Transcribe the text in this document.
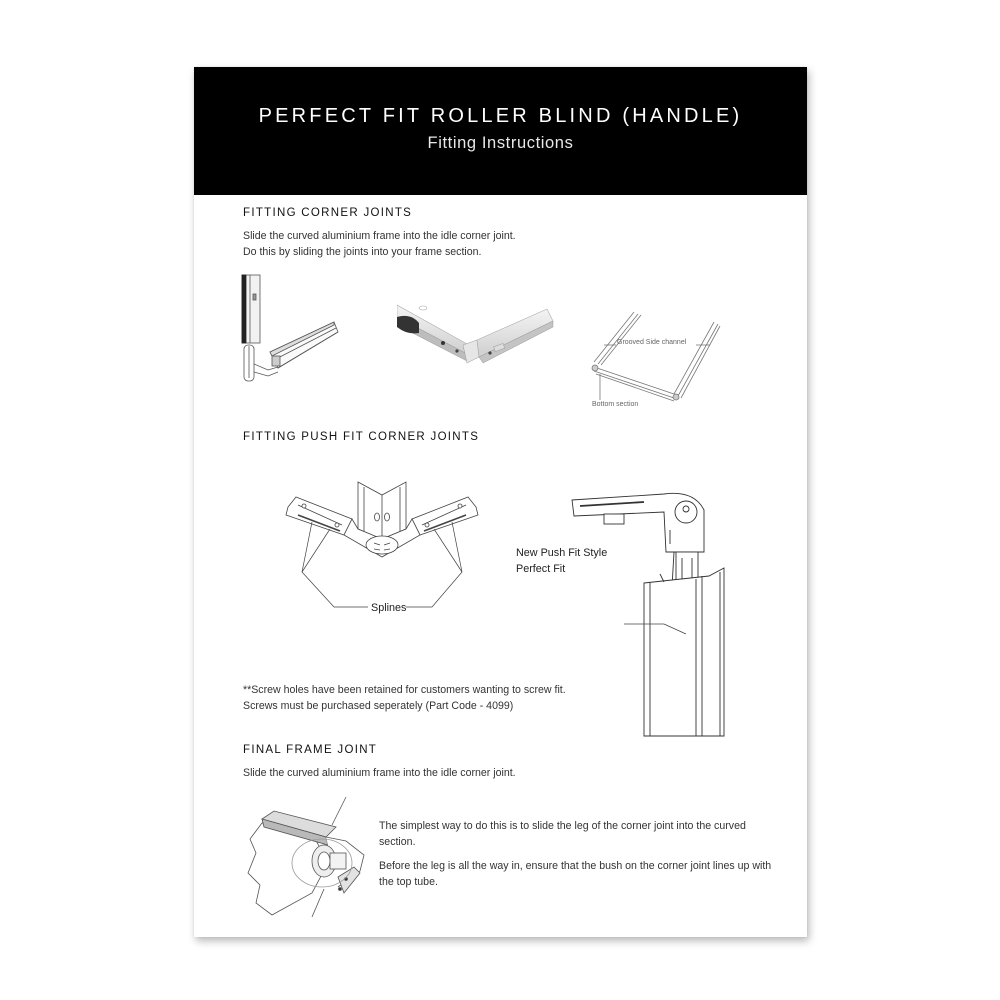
PERFECT FIT ROLLER BLIND (HANDLE)
Fitting Instructions
FITTING CORNER JOINTS

Slide the curved aluminium frame into the idle corner joint.

Do this by sliding the joints into your frame section.

Grooved Side channel
Bottom section
FITTING PUSH FIT CORNER JOINTS
Splines
New Push Fit Style
Perfect Fit

**Screw holes have been retained for customers wanting to screw fit.

Screws must be purchased seperately (Part Code - 4099)

FINAL FRAME JOINT

Slide the curved aluminium frame into the idle corner joint.

The simplest way to do this is to slide the leg of the corner joint into the curved section.

Before the leg is all the way in, ensure that the bush on the corner joint lines up with the top tube.
